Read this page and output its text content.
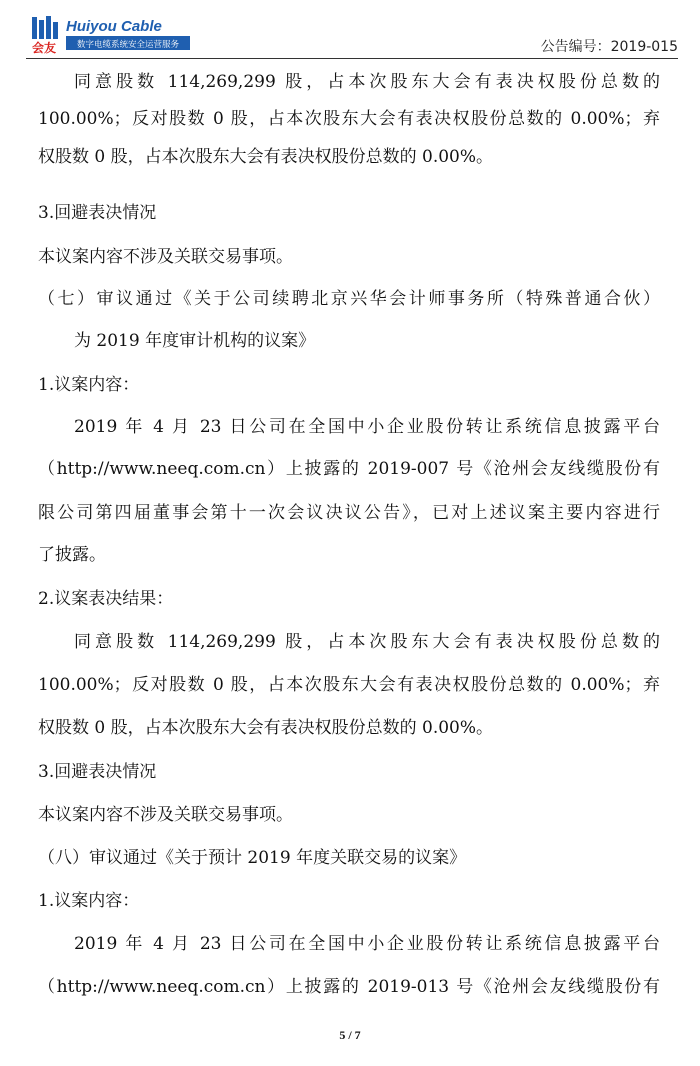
会友
Huiyou Cable
数字电缆系统安全运营服务	公告编号：2019-015
同意股数 114,269,299 股，占本次股东大会有表决权股份总数的
100.00%；反对股数 0 股，占本次股东大会有表决权股份总数的 0.00%；弃
权股数 0 股，占本次股东大会有表决权股份总数的 0.00%。
3.回避表决情况
本议案内容不涉及关联交易事项。
（七）审议通过《关于公司续聘北京兴华会计师事务所（特殊普通合伙）
为 2019 年度审计机构的议案》
1.议案内容：
2019 年 4 月 23 日公司在全国中小企业股份转让系统信息披露平台
（http://www.neeq.com.cn）上披露的 2019-007 号《沧州会友线缆股份有
限公司第四届董事会第十一次会议决议公告》，已对上述议案主要内容进行
了披露。
2.议案表决结果：
同意股数 114,269,299 股，占本次股东大会有表决权股份总数的
100.00%；反对股数 0 股，占本次股东大会有表决权股份总数的 0.00%；弃
权股数 0 股，占本次股东大会有表决权股份总数的 0.00%。
3.回避表决情况
本议案内容不涉及关联交易事项。
（八）审议通过《关于预计 2019 年度关联交易的议案》
1.议案内容：
2019 年 4 月 23 日公司在全国中小企业股份转让系统信息披露平台
（http://www.neeq.com.cn）上披露的 2019-013 号《沧州会友线缆股份有
5 / 7
